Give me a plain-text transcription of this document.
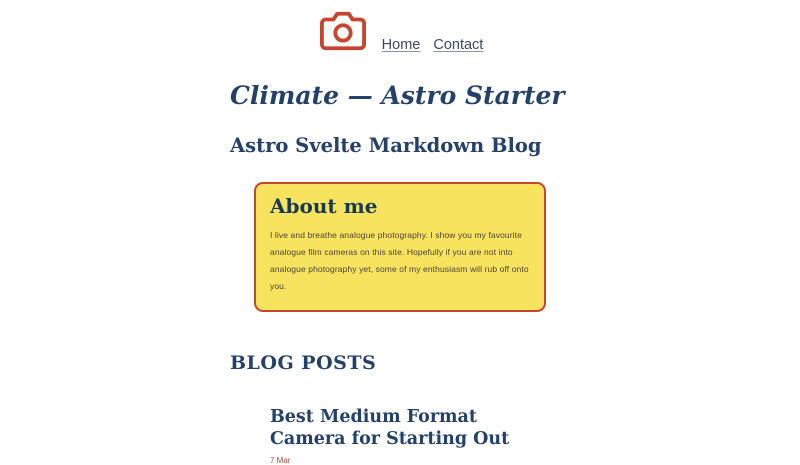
Home Contact
Climate — Astro Starter
Astro Svelte Markdown Blog
About me

I live and breathe analogue photography. I show you my favourite analogue film cameras on this site. Hopefully if you are not into analogue photography yet, some of my enthusiasm will rub off onto you.

BLOG POSTS
Best Medium Format Camera for Starting Out
7 Mar
